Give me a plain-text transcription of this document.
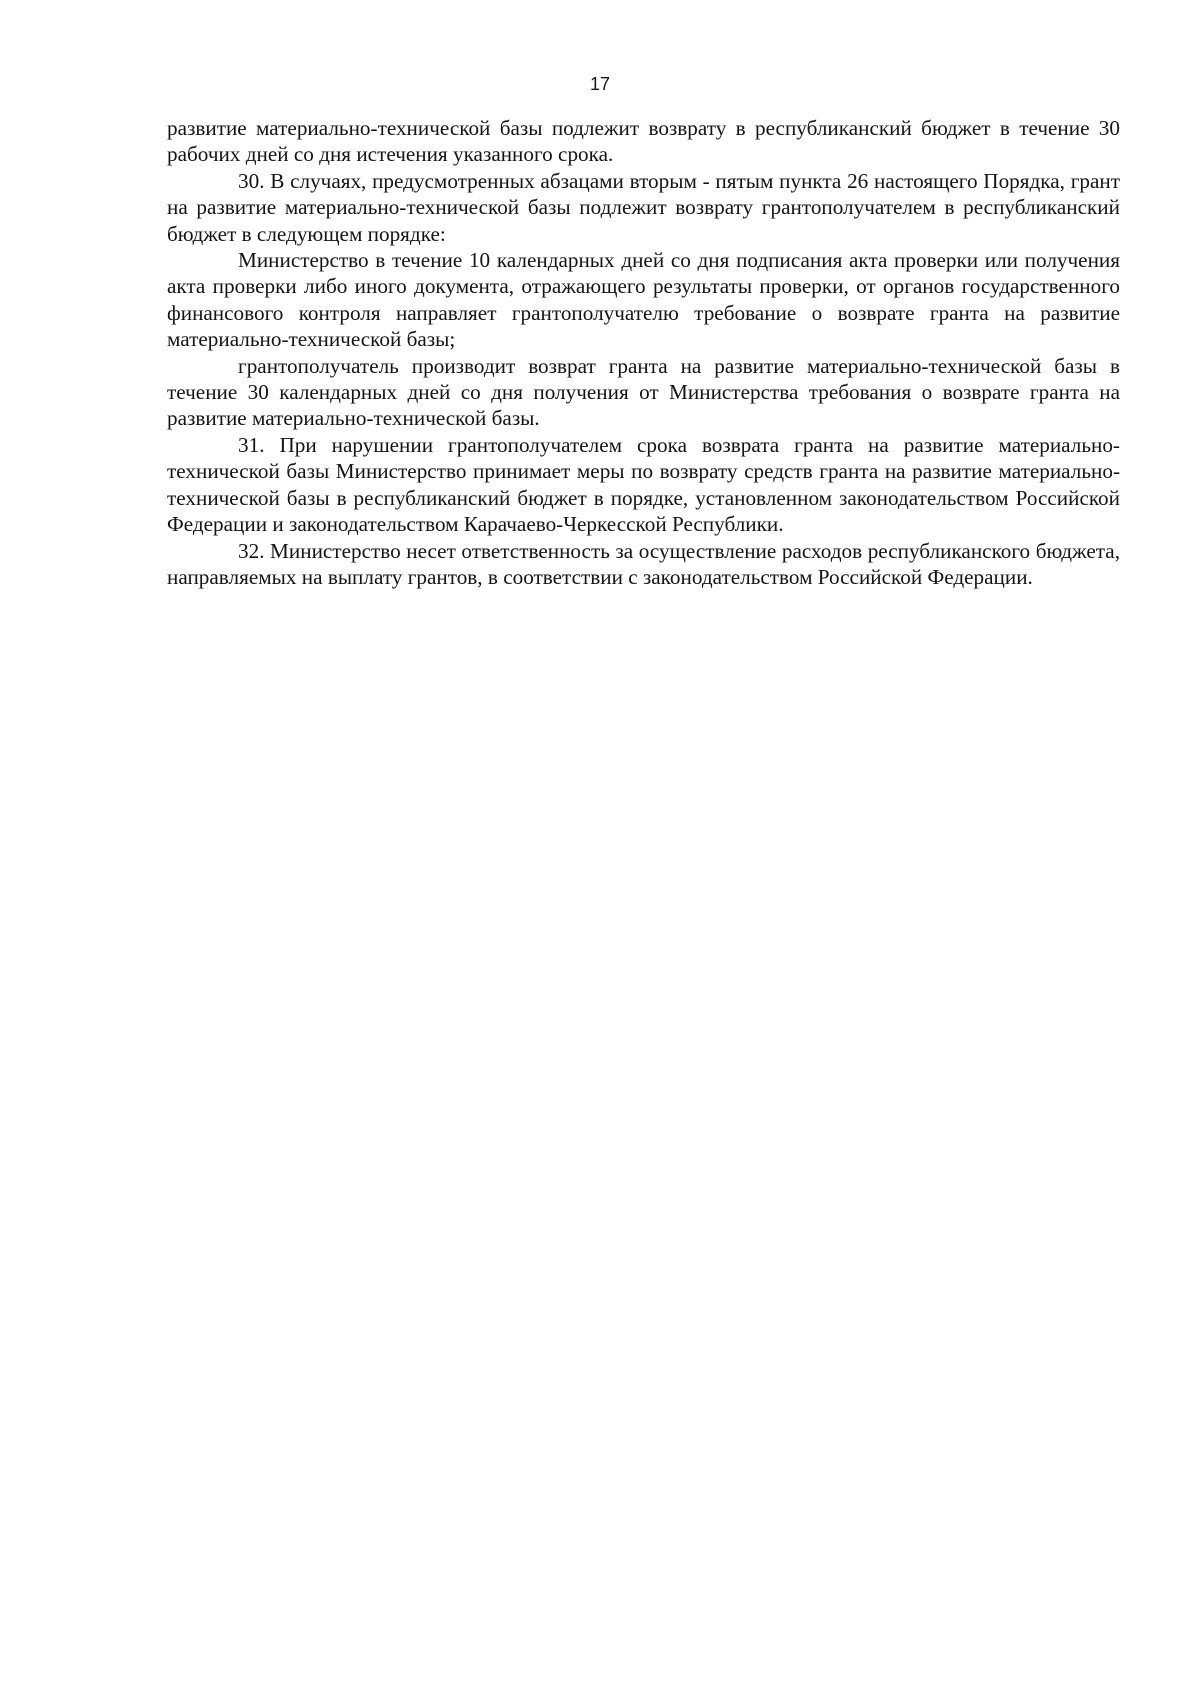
17

развитие материально-технической базы подлежит возврату в республиканский бюджет в течение 30 рабочих дней со дня истечения указанного срока.

30. В случаях, предусмотренных абзацами вторым - пятым пункта 26 настоящего Порядка, грант на развитие материально-технической базы подлежит возврату грантополучателем в республиканский бюджет в следующем порядке:

Министерство в течение 10 календарных дней со дня подписания акта проверки или получения акта проверки либо иного документа, отражающего результаты проверки, от органов государственного финансового контроля направляет грантополучателю требование о возврате гранта на развитие материально-технической базы;

грантополучатель производит возврат гранта на развитие материально-технической базы в течение 30 календарных дней со дня получения от Министерства требования о возврате гранта на развитие материально-технической базы.

31. При нарушении грантополучателем срока возврата гранта на развитие материально-технической базы Министерство принимает меры по возврату средств гранта на развитие материально-технической базы в республиканский бюджет в порядке, установленном законодательством Российской Федерации и законодательством Карачаево-Черкесской Республики.

32. Министерство несет ответственность за осуществление расходов республиканского бюджета, направляемых на выплату грантов, в соответствии с законодательством Российской Федерации.
